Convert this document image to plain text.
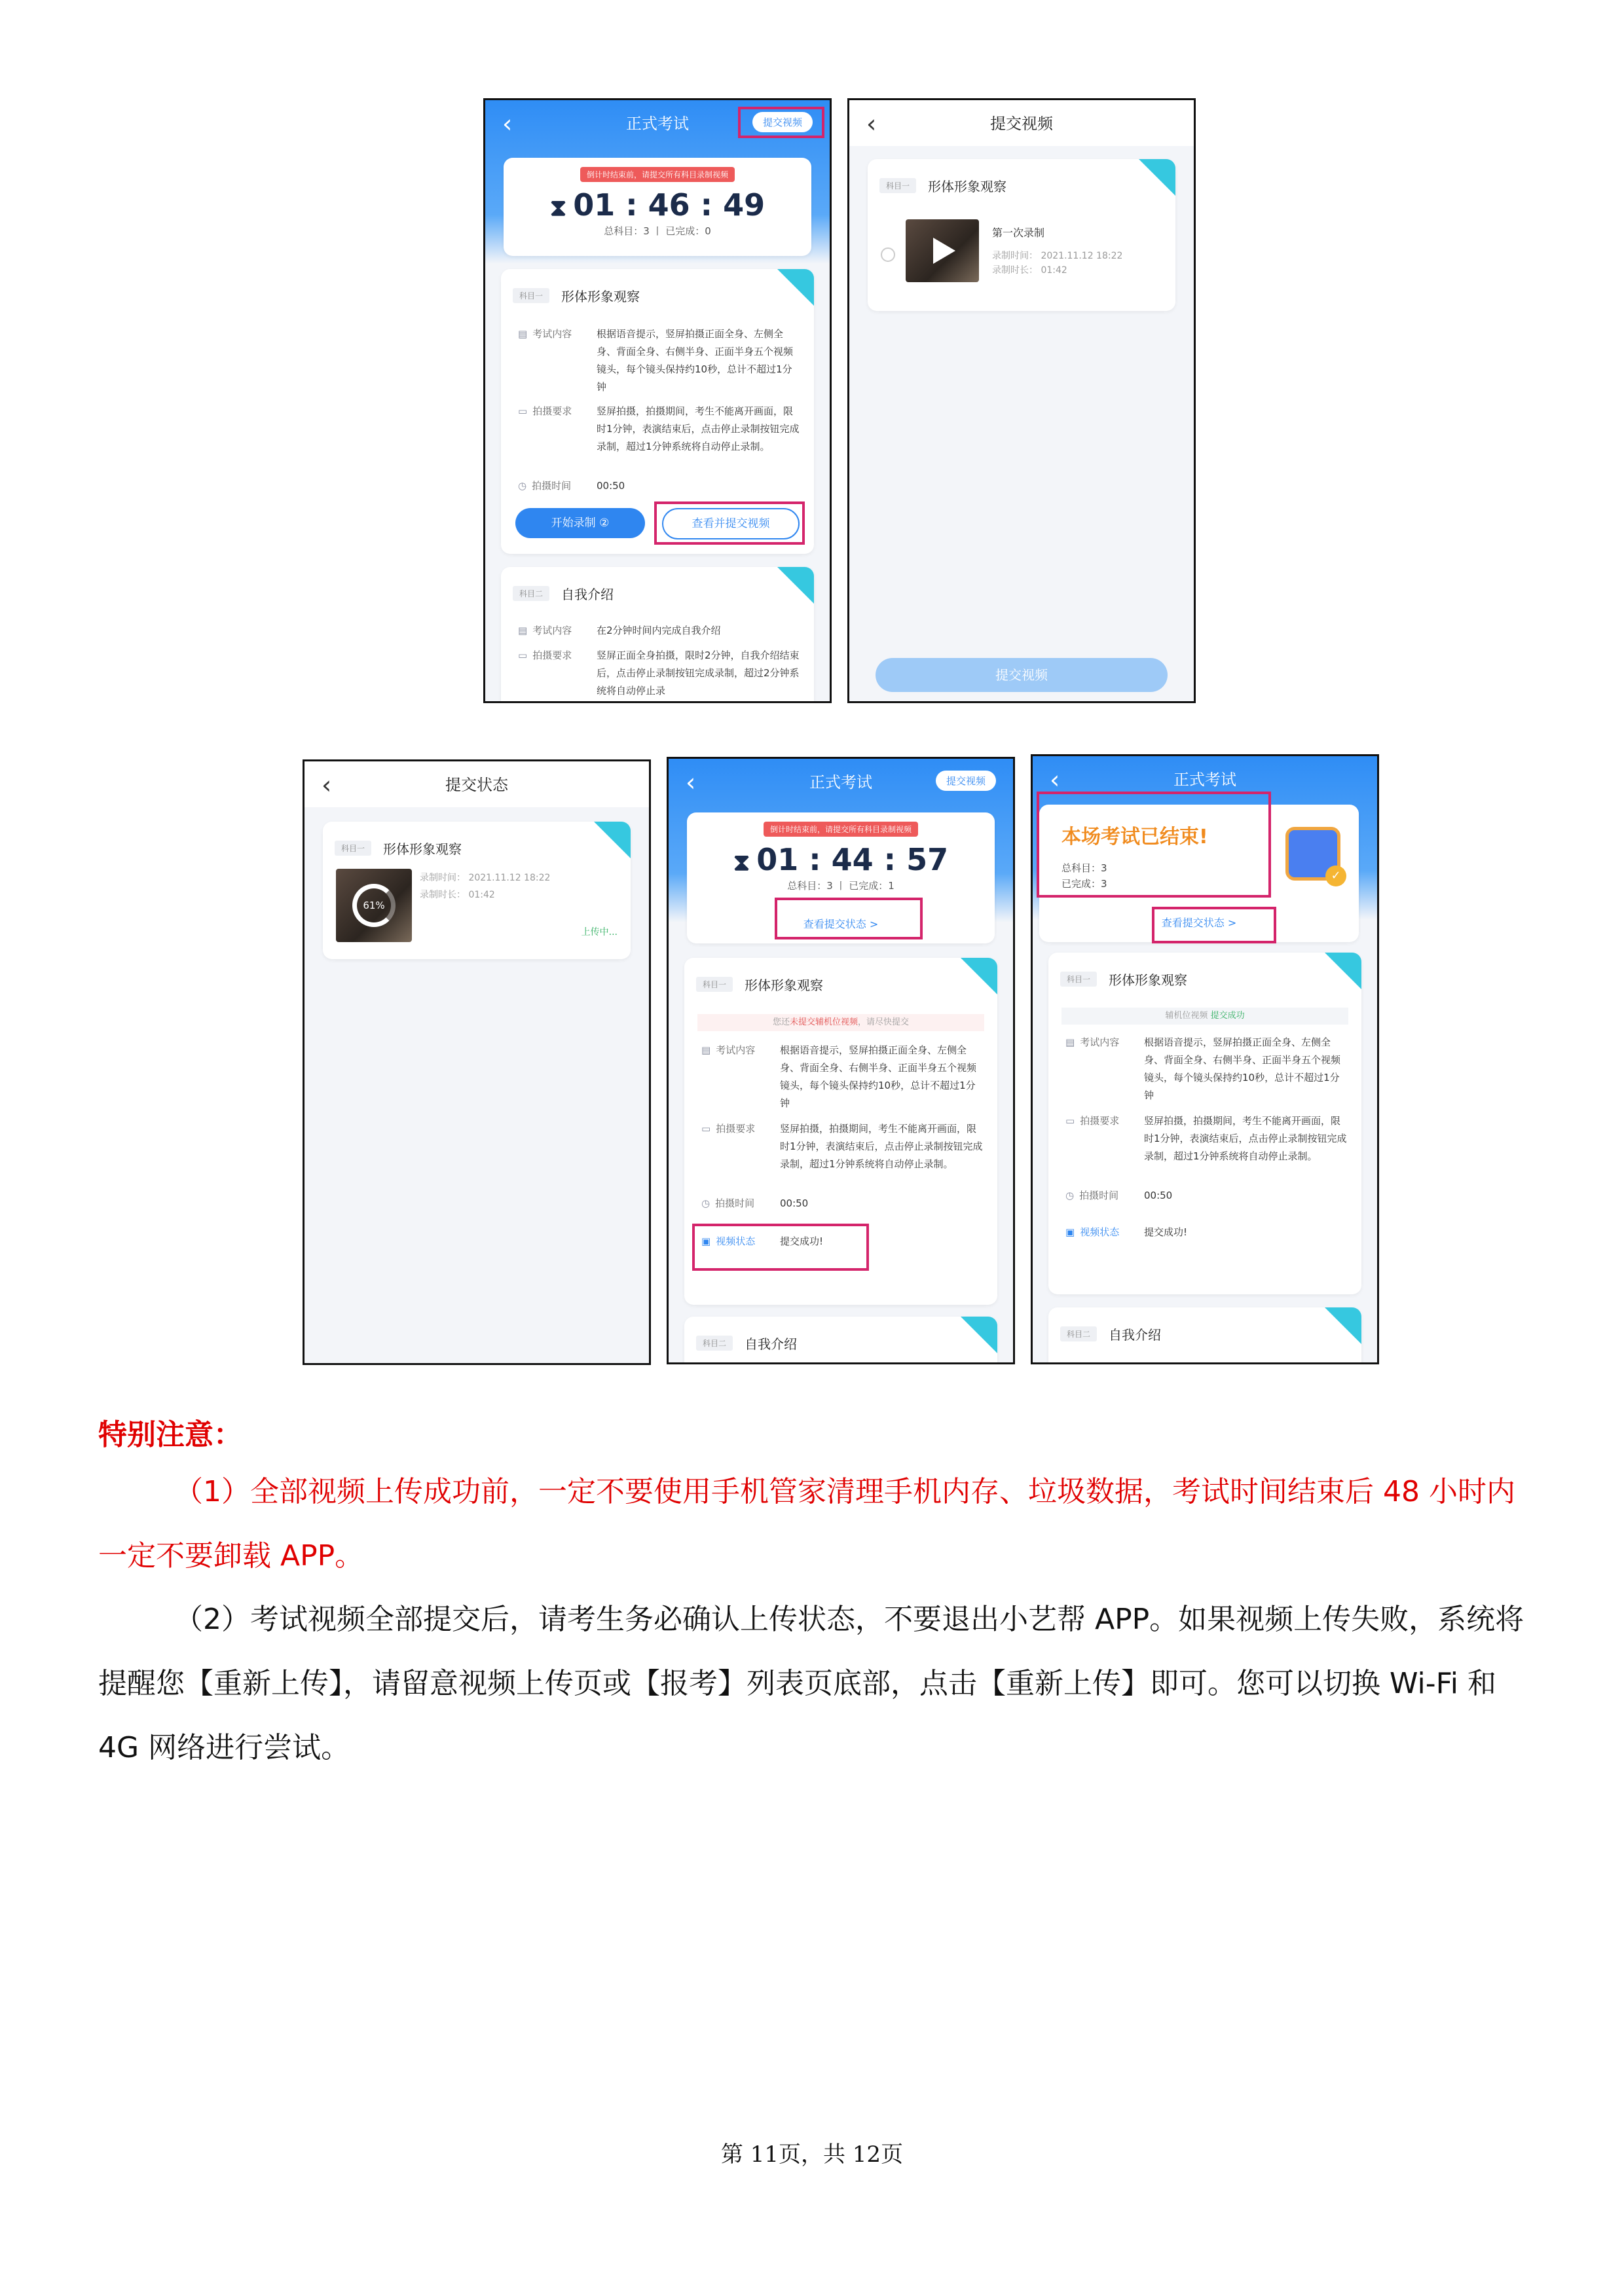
‹	正式考试	提交视频
倒计时结束前，请提交所有科目录制视频
⧗ 01 : 46 : 49
总科目：3 丨 已完成：0
科目一	形体形象观察
▤ 考试内容	根据语音提示，竖屏拍摄正面全身、左侧全身、背面全身、右侧半身、正面半身五个视频镜头，每个镜头保持约10秒，总计不超过1分钟
▭ 拍摄要求	竖屏拍摄，拍摄期间，考生不能离开画面，限时1分钟，表演结束后，点击停止录制按钮完成录制，超过1分钟系统将自动停止录制。
◷ 拍摄时间	00:50
开始录制 ②	查看并提交视频
科目二	自我介绍
▤ 考试内容	在2分钟时间内完成自我介绍
▭ 拍摄要求	竖屏正面全身拍摄，限时2分钟，自我介绍结束后，点击停止录制按钮完成录制，超过2分钟系统将自动停止录
‹	提交视频
科目一	形体形象观察
第一次录制
录制时间： 2021.11.12 18:22
录制时长： 01:42
提交视频
‹	提交状态
科目一	形体形象观察
61%
录制时间： 2021.11.12 18:22
录制时长： 01:42
上传中...
‹	正式考试	提交视频
倒计时结束前，请提交所有科目录制视频
⧗ 01 : 44 : 57
总科目：3 丨 已完成：1
查看提交状态 >
科目一	形体形象观察
您还未提交辅机位视频，请尽快提交
▤ 考试内容	根据语音提示，竖屏拍摄正面全身、左侧全身、背面全身、右侧半身、正面半身五个视频镜头，每个镜头保持约10秒，总计不超过1分钟
▭ 拍摄要求	竖屏拍摄，拍摄期间，考生不能离开画面，限时1分钟，表演结束后，点击停止录制按钮完成录制，超过1分钟系统将自动停止录制。
◷ 拍摄时间	00:50
▣ 视频状态	提交成功!
科目二	自我介绍
‹	正式考试
本场考试已结束!
总科目：3
已完成：3
✓
查看提交状态 >
科目一	形体形象观察
辅机位视频 提交成功
▤ 考试内容	根据语音提示，竖屏拍摄正面全身、左侧全身、背面全身、右侧半身、正面半身五个视频镜头，每个镜头保持约10秒，总计不超过1分钟
▭ 拍摄要求	竖屏拍摄，拍摄期间，考生不能离开画面，限时1分钟，表演结束后，点击停止录制按钮完成录制，超过1分钟系统将自动停止录制。
◷ 拍摄时间	00:50
▣ 视频状态	提交成功!
科目二	自我介绍
特别注意：
（1）全部视频上传成功前，一定不要使用手机管家清理手机内存、垃圾数据，考试时间结束后 48 小时内一定不要卸载 APP。
（2）考试视频全部提交后，请考生务必确认上传状态，不要退出小艺帮 APP。如果视频上传失败，系统将提醒您【重新上传】，请留意视频上传页或【报考】列表页底部，点击【重新上传】即可。您可以切换 Wi-Fi 和 4G 网络进行尝试。
第 11页，共 12页
